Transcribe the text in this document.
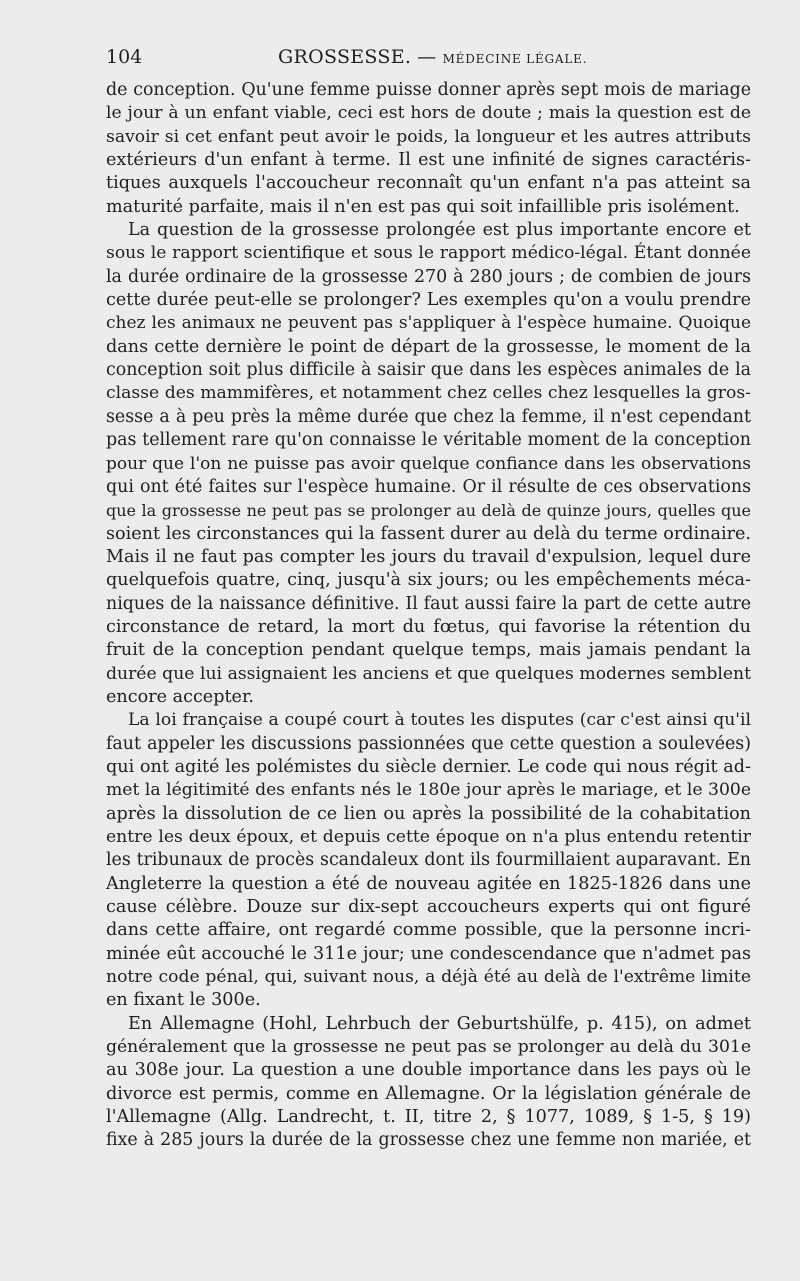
104	GROSSESSE. — MÉDECINE LÉGALE.
de conception. Qu'une femme puisse donner après sept mois de mariage
le jour à un enfant viable, ceci est hors de doute ; mais la question est de
savoir si cet enfant peut avoir le poids, la longueur et les autres attributs
extérieurs d'un enfant à terme. Il est une infinité de signes caractéris-
tiques auxquels l'accoucheur reconnaît qu'un enfant n'a pas atteint sa
maturité parfaite, mais il n'en est pas qui soit infaillible pris isolément.
La question de la grossesse prolongée est plus importante encore et
sous le rapport scientifique et sous le rapport médico-légal. Étant donnée
la durée ordinaire de la grossesse 270 à 280 jours ; de combien de jours
cette durée peut-elle se prolonger? Les exemples qu'on a voulu prendre
chez les animaux ne peuvent pas s'appliquer à l'espèce humaine. Quoique
dans cette dernière le point de départ de la grossesse, le moment de la
conception soit plus difficile à saisir que dans les espèces animales de la
classe des mammifères, et notamment chez celles chez lesquelles la gros-
sesse a à peu près la même durée que chez la femme, il n'est cependant
pas tellement rare qu'on connaisse le véritable moment de la conception
pour que l'on ne puisse pas avoir quelque confiance dans les observations
qui ont été faites sur l'espèce humaine. Or il résulte de ces observations
que la grossesse ne peut pas se prolonger au delà de quinze jours, quelles que
soient les circonstances qui la fassent durer au delà du terme ordinaire.
Mais il ne faut pas compter les jours du travail d'expulsion, lequel dure
quelquefois quatre, cinq, jusqu'à six jours; ou les empêchements méca-
niques de la naissance définitive. Il faut aussi faire la part de cette autre
circonstance de retard, la mort du fœtus, qui favorise la rétention du
fruit de la conception pendant quelque temps, mais jamais pendant la
durée que lui assignaient les anciens et que quelques modernes semblent
encore accepter.
La loi française a coupé court à toutes les disputes (car c'est ainsi qu'il
faut appeler les discussions passionnées que cette question a soulevées)
qui ont agité les polémistes du siècle dernier. Le code qui nous régit ad-
met la légitimité des enfants nés le 180e jour après le mariage, et le 300e
après la dissolution de ce lien ou après la possibilité de la cohabitation
entre les deux époux, et depuis cette époque on n'a plus entendu retentir
les tribunaux de procès scandaleux dont ils fourmillaient auparavant. En
Angleterre la question a été de nouveau agitée en 1825-1826 dans une
cause célèbre. Douze sur dix-sept accoucheurs experts qui ont figuré
dans cette affaire, ont regardé comme possible, que la personne incri-
minée eût accouché le 311e jour; une condescendance que n'admet pas
notre code pénal, qui, suivant nous, a déjà été au delà de l'extrême limite
en fixant le 300e.
En Allemagne (Hohl, Lehrbuch der Geburtshülfe, p. 415), on admet
généralement que la grossesse ne peut pas se prolonger au delà du 301e
au 308e jour. La question a une double importance dans les pays où le
divorce est permis, comme en Allemagne. Or la législation générale de
l'Allemagne (Allg. Landrecht, t. II, titre 2, § 1077, 1089, § 1-5, § 19)
fixe à 285 jours la durée de la grossesse chez une femme non mariée, et
